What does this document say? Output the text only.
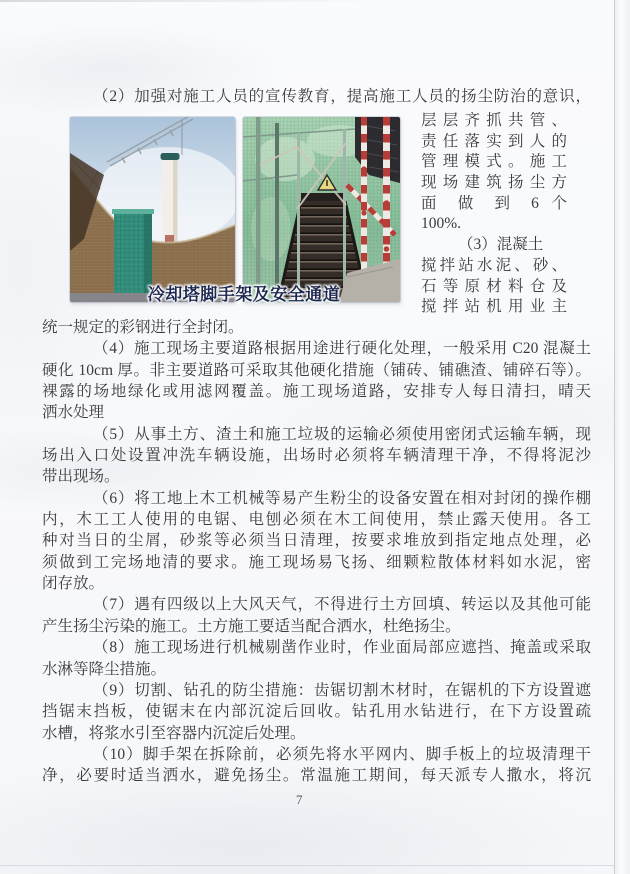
（2）加强对施工人员的宣传教育，提高施工人员的扬尘防治的意识，
冷却塔脚手架及安全通道
层层齐抓共管、
责任落实到人的
管理模式。施工
现场建筑扬尘方
面 做 到 6 个
100%.
（3）混凝土
搅拌站水泥、砂、
石等原材料仓及
搅拌站机用业主
统一规定的彩钢进行全封闭。
（4）施工现场主要道路根据用途进行硬化处理，一般采用 C20 混凝土
硬化 10cm 厚。非主要道路可采取其他硬化措施（铺砖、铺礁渣、铺碎石等）。
裸露的场地绿化或用滤网覆盖。施工现场道路，安排专人每日清扫，晴天
洒水处理
（5）从事土方、渣土和施工垃圾的运输必须使用密闭式运输车辆，现
场出入口处设置冲洗车辆设施，出场时必须将车辆清理干净，不得将泥沙
带出现场。
（6）将工地上木工机械等易产生粉尘的设备安置在相对封闭的操作棚
内，木工工人使用的电锯、电刨必须在木工间使用，禁止露天使用。各工
种对当日的尘屑，砂浆等必须当日清理，按要求堆放到指定地点处理，必
须做到工完场地清的要求。施工现场易飞扬、细颗粒散体材料如水泥，密
闭存放。
（7）遇有四级以上大风天气，不得进行土方回填、转运以及其他可能
产生扬尘污染的施工。土方施工要适当配合洒水，杜绝扬尘。
（8）施工现场进行机械剔凿作业时，作业面局部应遮挡、掩盖或采取
水淋等降尘措施。
（9）切割、钻孔的防尘措施：齿锯切割木材时，在锯机的下方设置遮
挡锯末挡板，使锯末在内部沉淀后回收。钻孔用水钻进行，在下方设置疏
水槽，将浆水引至容器内沉淀后处理。
（10）脚手架在拆除前，必须先将水平网内、脚手板上的垃圾清理干
净，必要时适当洒水，避免扬尘。常温施工期间，每天派专人撒水，将沉
7
